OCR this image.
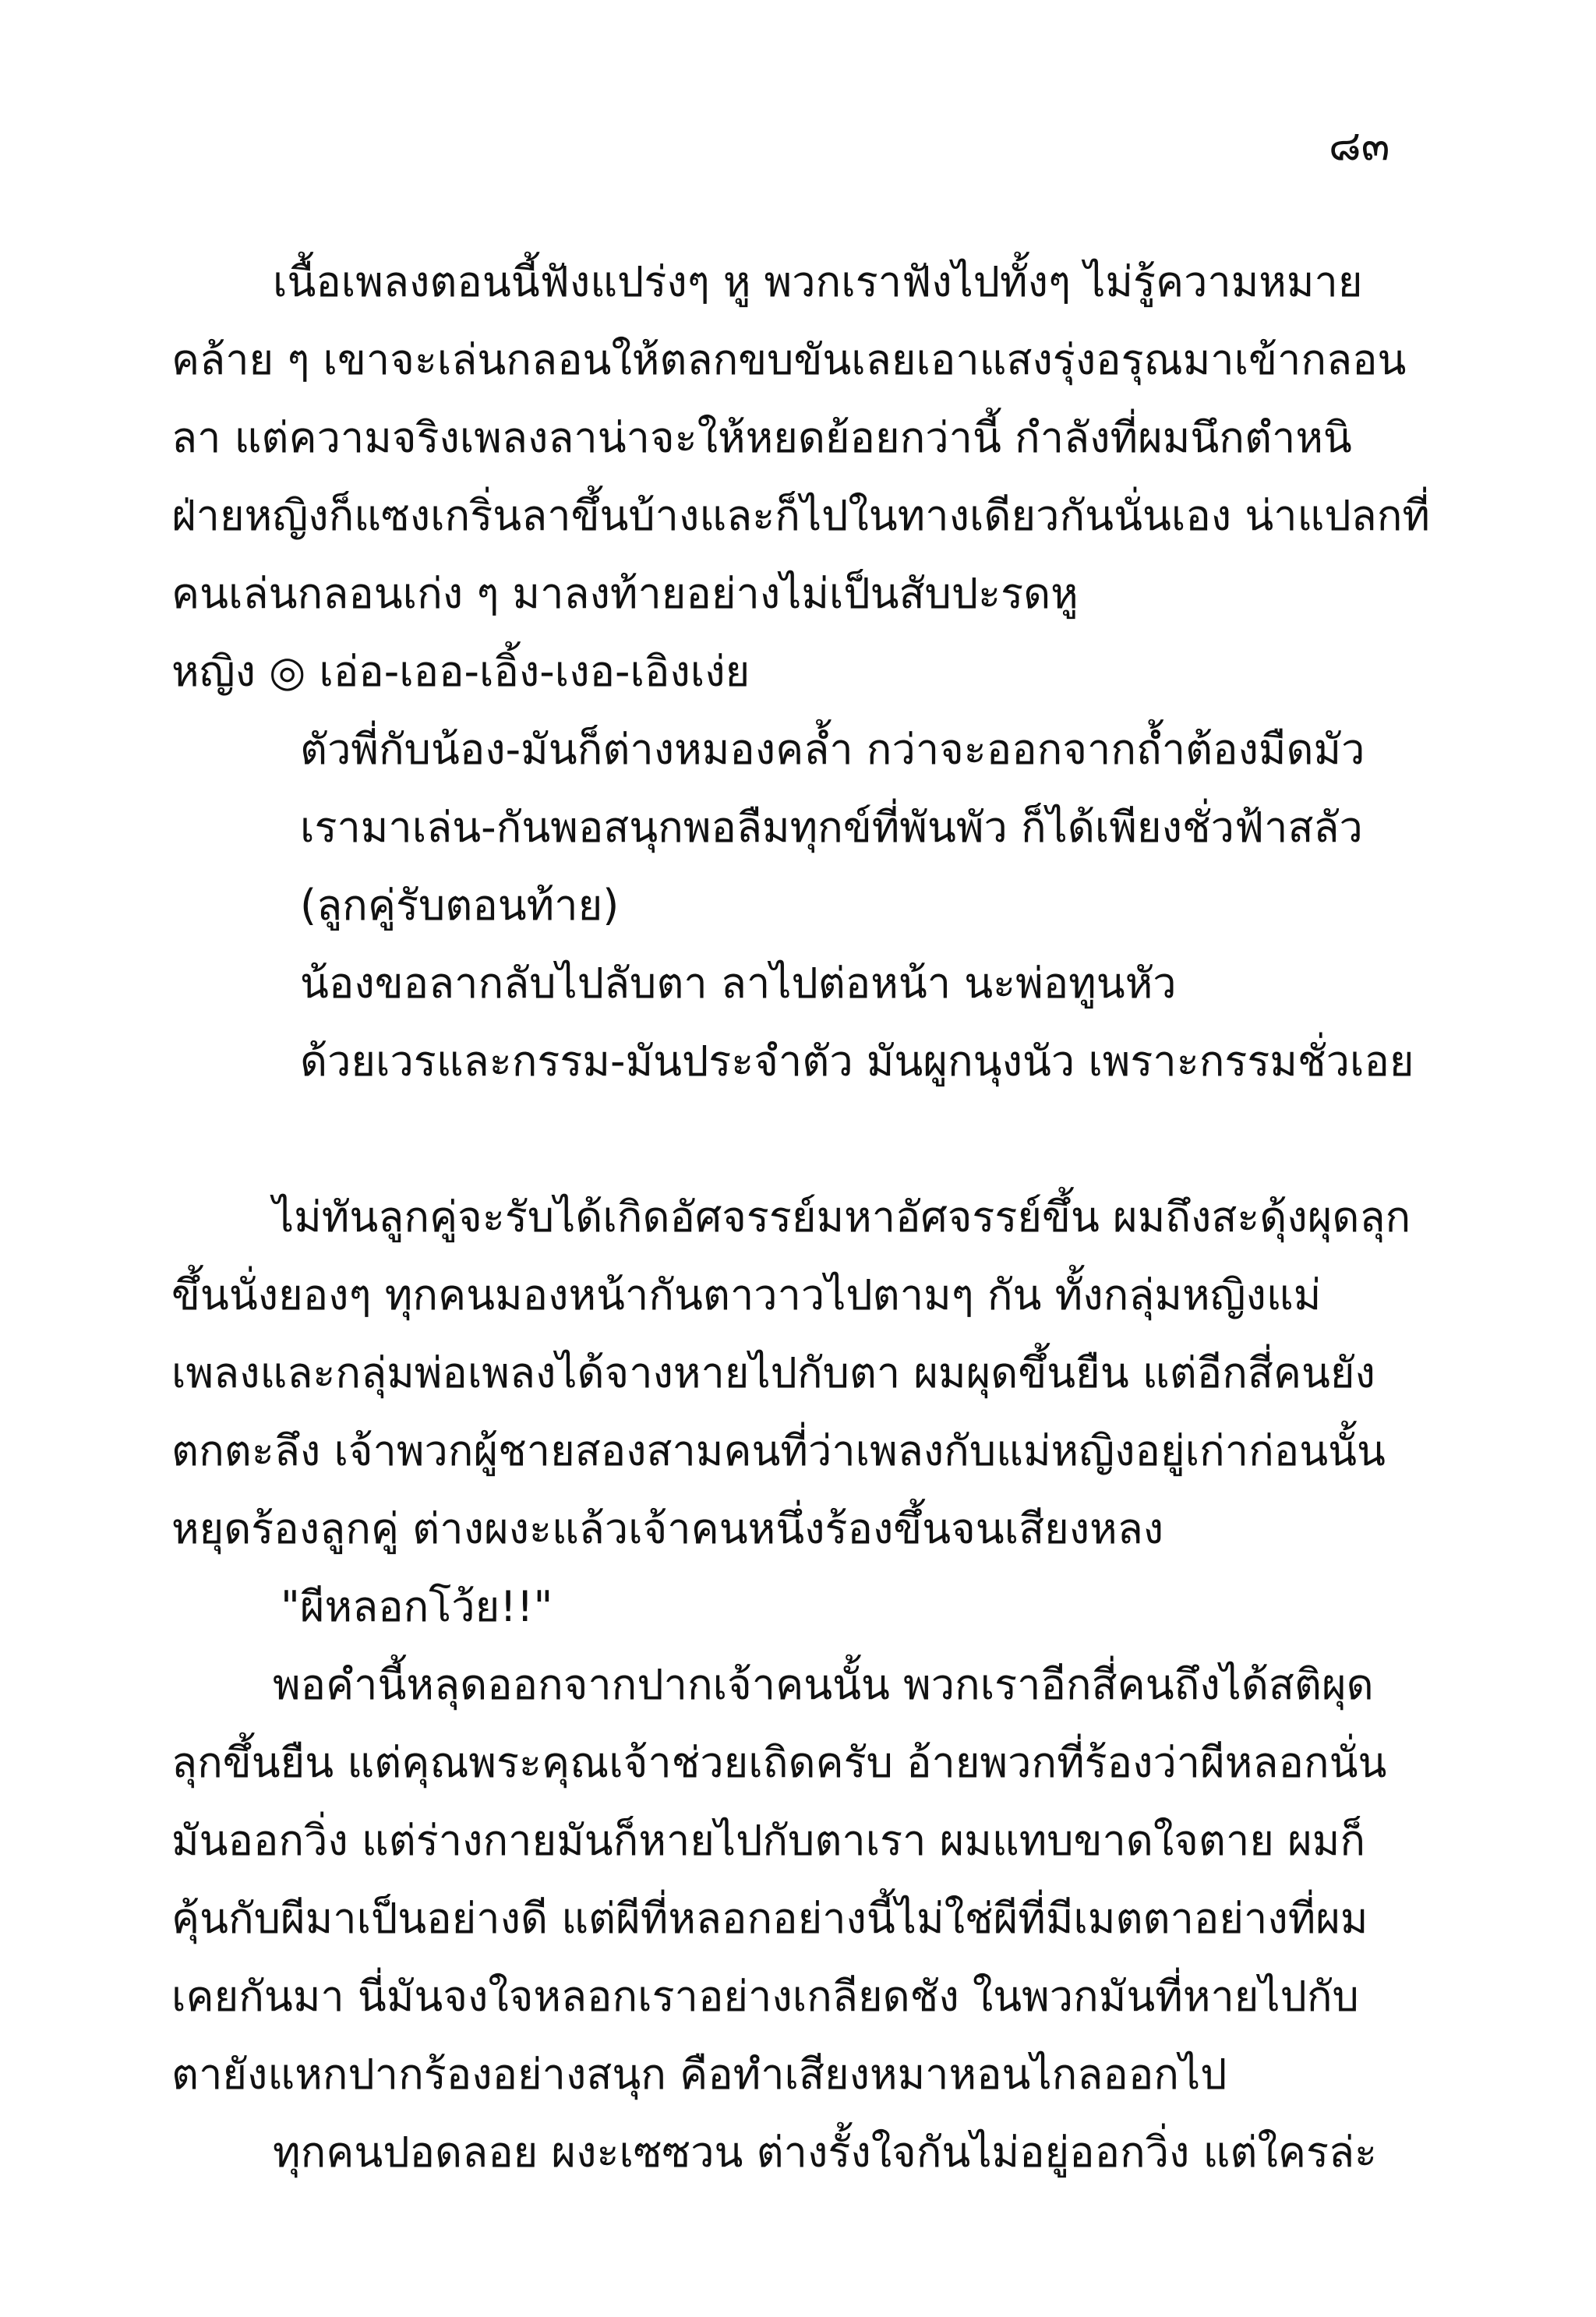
๘๓
เนื้อเพลงตอนนี้ฟังแปร่งๆ หู พวกเราฟังไปทั้งๆ ไม่รู้ความหมาย
คล้าย ๆ เขาจะเล่นกลอนให้ตลกขบขันเลยเอาแสงรุ่งอรุณมาเข้ากลอน
ลา แต่ความจริงเพลงลาน่าจะให้หยดย้อยกว่านี้ กำลังที่ผมนึกตำหนิ
ฝ่ายหญิงก็แซงเกริ่นลาขึ้นบ้างและก็ไปในทางเดียวกันนั่นเอง น่าแปลกที่
คนเล่นกลอนเก่ง ๆ มาลงท้ายอย่างไม่เป็นสับปะรดหู
หญิง ◎ เอ่อ-เออ-เอิ้ง-เงอ-เอิงเง่ย
ตัวพี่กับน้อง-มันก็ต่างหมองคล้ำ กว่าจะออกจากถ้ำต้องมืดมัว
เรามาเล่น-กันพอสนุกพอลืมทุกข์ที่พันพัว ก็ได้เพียงชั่วฟ้าสลัว
(ลูกคู่รับตอนท้าย)
น้องขอลากลับไปลับตา ลาไปต่อหน้า นะพ่อทูนหัว
ด้วยเวรและกรรม-มันประจำตัว มันผูกนุงนัว เพราะกรรมชั่วเอย
ไม่ทันลูกคู่จะรับได้เกิดอัศจรรย์มหาอัศจรรย์ขึ้น ผมถึงสะดุ้งผุดลุก
ขึ้นนั่งยองๆ ทุกคนมองหน้ากันตาวาวไปตามๆ กัน ทั้งกลุ่มหญิงแม่
เพลงและกลุ่มพ่อเพลงได้จางหายไปกับตา ผมผุดขึ้นยืน แต่อีกสี่คนยัง
ตกตะลึง เจ้าพวกผู้ชายสองสามคนที่ว่าเพลงกับแม่หญิงอยู่เก่าก่อนนั้น
หยุดร้องลูกคู่ ต่างผงะแล้วเจ้าคนหนึ่งร้องขึ้นจนเสียงหลง
"ผีหลอกโว้ย!!"
พอคำนี้หลุดออกจากปากเจ้าคนนั้น พวกเราอีกสี่คนถึงได้สติผุด
ลุกขึ้นยืน แต่คุณพระคุณเจ้าช่วยเถิดครับ อ้ายพวกที่ร้องว่าผีหลอกนั่น
มันออกวิ่ง แต่ร่างกายมันก็หายไปกับตาเรา ผมแทบขาดใจตาย ผมก็
คุ้นกับผีมาเป็นอย่างดี แต่ผีที่หลอกอย่างนี้ไม่ใช่ผีที่มีเมตตาอย่างที่ผม
เคยกันมา นี่มันจงใจหลอกเราอย่างเกลียดชัง ในพวกมันที่หายไปกับ
ตายังแหกปากร้องอย่างสนุก คือทำเสียงหมาหอนไกลออกไป
ทุกคนปอดลอย ผงะเซซวน ต่างรั้งใจกันไม่อยู่ออกวิ่ง แต่ใครล่ะ
